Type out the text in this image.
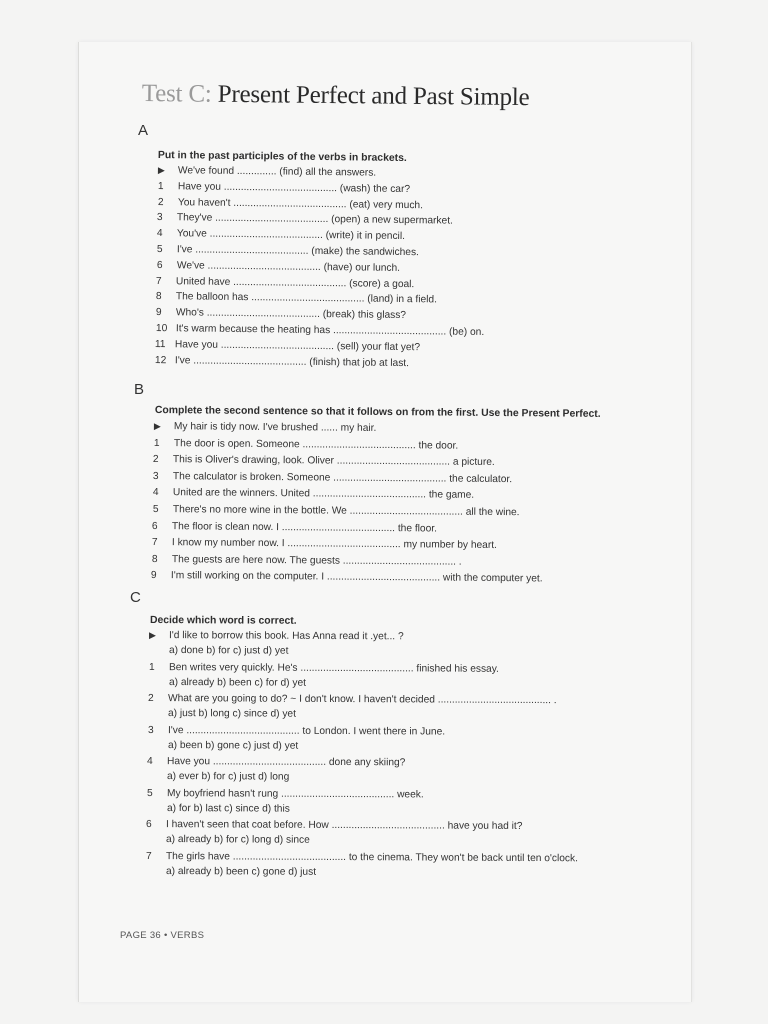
Test C: Present Perfect and Past Simple
A
Put in the past participles of the verbs in brackets.
▶ We've found .............. (find) all the answers.
1 Have you ........................................ (wash) the car?
2 You haven't ........................................ (eat) very much.
3 They've ........................................ (open) a new supermarket.
4 You've ........................................ (write) it in pencil.
5 I've ........................................ (make) the sandwiches.
6 We've ........................................ (have) our lunch.
7 United have ........................................ (score) a goal.
8 The balloon has ........................................ (land) in a field.
9 Who's ........................................ (break) this glass?
10 It's warm because the heating has ........................................ (be) on.
11 Have you ........................................ (sell) your flat yet?
12 I've ........................................ (finish) that job at last.
B
Complete the second sentence so that it follows on from the first. Use the Present Perfect.
▶ My hair is tidy now. I've brushed ...... my hair.
1 The door is open. Someone ........................................ the door.
2 This is Oliver's drawing, look. Oliver ........................................ a picture.
3 The calculator is broken. Someone ........................................ the calculator.
4 United are the winners. United ........................................ the game.
5 There's no more wine in the bottle. We ........................................ all the wine.
6 The floor is clean now. I ........................................ the floor.
7 I know my number now. I ........................................ my number by heart.
8 The guests are here now. The guests ........................................ .
9 I'm still working on the computer. I ........................................ with the computer yet.
C
Decide which word is correct.
▶ I'd like to borrow this book. Has Anna read it .yet... ?
a) done b) for c) just d) yet
1 Ben writes very quickly. He's ........................................ finished his essay.
a) already b) been c) for d) yet
2 What are you going to do? ~ I don't know. I haven't decided ........................................ .
a) just b) long c) since d) yet
3 I've ........................................ to London. I went there in June.
a) been b) gone c) just d) yet
4 Have you ........................................ done any skiing?
a) ever b) for c) just d) long
5 My boyfriend hasn't rung ........................................ week.
a) for b) last c) since d) this
6 I haven't seen that coat before. How ........................................ have you had it?
a) already b) for c) long d) since
7 The girls have ........................................ to the cinema. They won't be back until ten o'clock.
a) already b) been c) gone d) just
PAGE 36 • VERBS
